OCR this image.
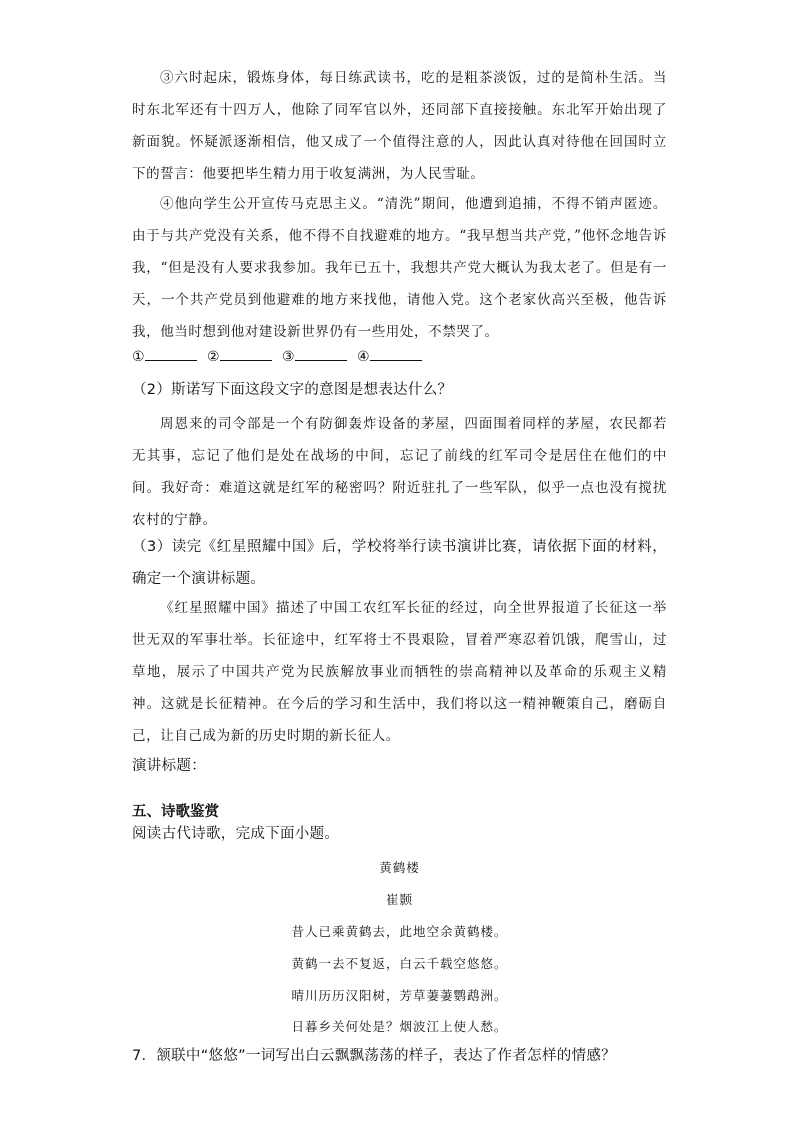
③六时起床，锻炼身体，每日练武读书，吃的是粗茶淡饭，过的是简朴生活。当时东北军还有十四万人，他除了同军官以外，还同部下直接接触。东北军开始出现了新面貌。怀疑派逐渐相信，他又成了一个值得注意的人，因此认真对待他在回国时立下的誓言：他要把毕生精力用于收复满洲，为人民雪耻。

④他向学生公开宣传马克思主义。“清洗”期间，他遭到追捕，不得不销声匿迹。由于与共产党没有关系，他不得不自找避难的地方。“我早想当共产党，”他怀念地告诉我，“但是没有人要求我参加。我年已五十，我想共产党大概认为我太老了。但是有一天，一个共产党员到他避难的地方来找他，请他入党。这个老家伙高兴至极，他告诉我，他当时想到他对建设新世界仍有一些用处，不禁哭了。

①	②	③	④

（2）斯诺写下面这段文字的意图是想表达什么？

周恩来的司令部是一个有防御轰炸设备的茅屋，四面围着同样的茅屋，农民都若无其事，忘记了他们是处在战场的中间，忘记了前线的红军司令是居住在他们的中间。我好奇：难道这就是红军的秘密吗？附近驻扎了一些军队，似乎一点也没有搅扰农村的宁静。

（3）读完《红星照耀中国》后，学校将举行读书演讲比赛，请依据下面的材料，确定一个演讲标题。

《红星照耀中国》描述了中国工农红军长征的经过，向全世界报道了长征这一举世无双的军事壮举。长征途中，红军将士不畏艰险，冒着严寒忍着饥饿，爬雪山，过草地，展示了中国共产党为民族解放事业而牺牲的崇高精神以及革命的乐观主义精神。这就是长征精神。在今后的学习和生活中，我们将以这一精神鞭策自己，磨砺自己，让自己成为新的历史时期的新长征人。

演讲标题：

五、诗歌鉴赏

阅读古代诗歌，完成下面小题。

黄鹤楼
崔颢
昔人已乘黄鹤去，此地空余黄鹤楼。
黄鹤一去不复返，白云千载空悠悠。
晴川历历汉阳树，芳草萋萋鹦鹉洲。
日暮乡关何处是？烟波江上使人愁。

7．颔联中“悠悠”一词写出白云飘飘荡荡的样子，表达了作者怎样的情感？
